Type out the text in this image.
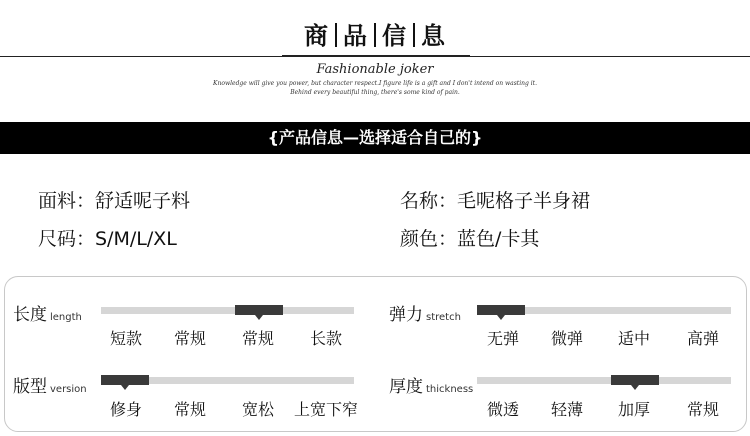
商 品 信 息
Fashionable joker
Knowledge will give you power, but character respect.I figure life is a gift and I don't intend on wasting it.
Behind every beautiful thing, there's some kind of pain.
{产品信息—选择适合自己的}
面料：舒适呢子料	名称：毛呢格子半身裙
尺码：S/M/L/XL	颜色：蓝色/卡其
长度 length
短款	常规	常规	长款
弹力 stretch
无弹	微弹	适中	高弹
版型 version
修身	常规	宽松	上宽下窄
厚度 thickness
微透	轻薄	加厚	常规
